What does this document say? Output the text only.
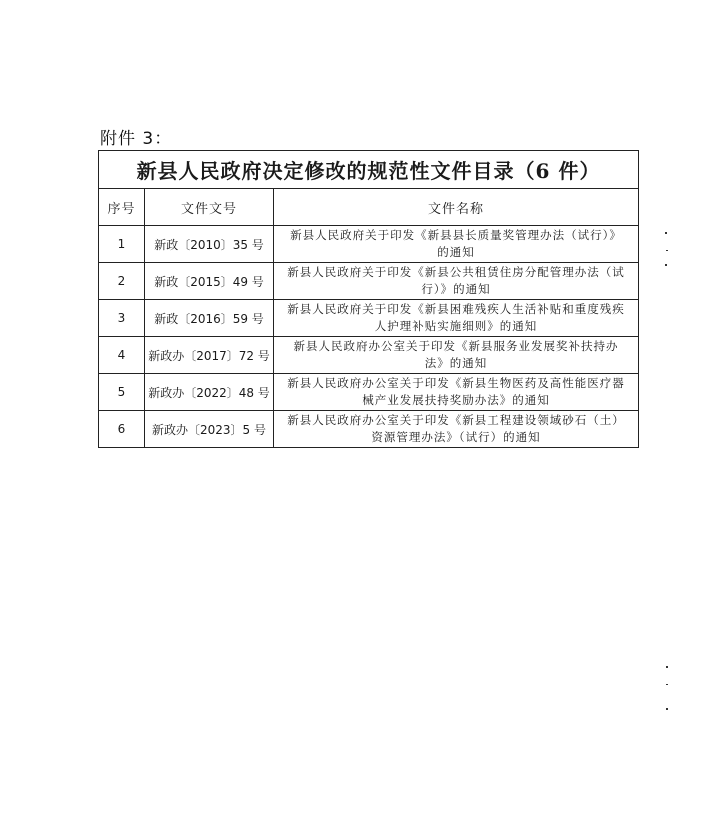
附件 3：
新县人民政府决定修改的规范性文件目录（6 件）		
序号	文件文号	文件名称
1	新政〔2010〕35 号	新县人民政府关于印发《新县县长质量奖管理办法（试行）》
的通知

2	新政〔2015〕49 号	新县人民政府关于印发《新县公共租赁住房分配管理办法（试
行）》的通知

3	新政〔2016〕59 号	新县人民政府关于印发《新县困难残疾人生活补贴和重度残疾
人护理补贴实施细则》的通知

4	新政办〔2017〕72 号	新县人民政府办公室关于印发《新县服务业发展奖补扶持办
法》的通知

5	新政办〔2022〕48 号	新县人民政府办公室关于印发《新县生物医药及高性能医疗器
械产业发展扶持奖励办法》的通知

6	新政办〔2023〕5 号	新县人民政府办公室关于印发《新县工程建设领域砂石（土）
资源管理办法》（试行）的通知
